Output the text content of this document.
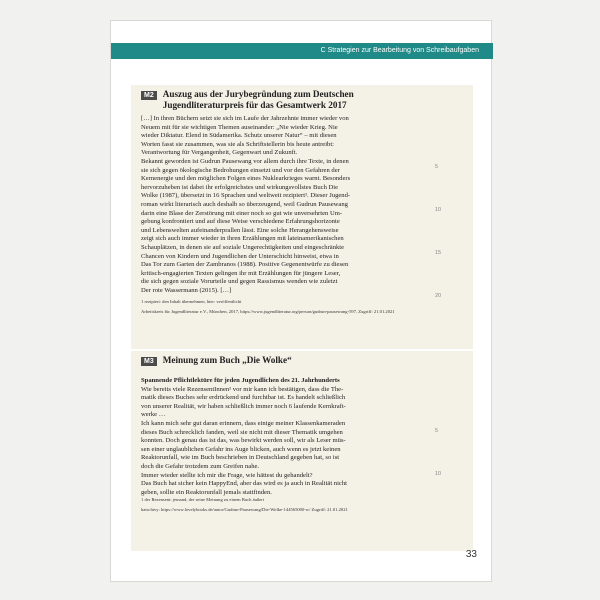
C Strategien zur Bearbeitung von Schreibaufgaben
M2 Auszug aus der Jurybegründung zum Deutschen Jugendliteraturpreis für das Gesamtwerk 2017
[…] In ihren Büchern setzt sie sich im Laufe der Jahrzehnte immer wieder von
Neuem mit für sie wichtigen Themen auseinander: „Nie wieder Krieg. Nie
wieder Diktatur. Elend in Südamerika. Schutz unserer Natur“ – mit diesen
Worten fasst sie zusammen, was sie als Schriftstellerin bis heute antreibt:
Verantwortung für Vergangenheit, Gegenwart und Zukunft.
Bekannt geworden ist Gudrun Pausewang vor allem durch ihre Texte, in denen
sie sich gegen ökologische Bedrohungen einsetzt und vor den Gefahren der
Kernenergie und den möglichen Folgen eines Nuklearkrieges warnt. Besonders
hervorzuheben ist dabei ihr erfolgreichstes und wirkungsvollstes Buch Die
Wolke (1987), übersetzt in 16 Sprachen und weltweit rezipiert¹. Dieser Jugend-
roman wirkt literarisch auch deshalb so überzeugend, weil Gudrun Pausewang
darin eine Blase der Zerstörung mit einer noch so gut wie unversehrten Um-
gebung konfrontiert und auf diese Weise verschiedene Erfahrungshorizonte
und Lebenswelten aufeinanderprallen lässt. Eine solche Herangehensweise
zeigt sich auch immer wieder in ihren Erzählungen mit lateinamerikanischen
Schauplätzen, in denen sie auf soziale Ungerechtigkeiten und eingeschränkte
Chancen von Kindern und Jugendlichen der Unterschicht hinweist, etwa in
Das Tor zum Garten der Zambranos (1988). Positive Gegenentwürfe zu diesen
kritisch-engagierten Texten gelingen ihr mit Erzählungen für jüngere Leser,
die sich gegen soziale Vorurteile und gegen Rassismus wenden wie zuletzt
Der rote Wassermann (2015). […]
5
10
15
20
1 rezipiert: den Inhalt übernehmen, hier: veröffentlicht
Arbeitskreis für Jugendliteratur e.V., München, 2017, https://www.jugendliteratur.org/person/gudrun-pausewang-597, Zugriff: 21.01.2021
M3 Meinung zum Buch „Die Wolke“
Spannende Pflichtlektüre für jeden Jugendlichen des 21. Jahrhunderts
Wie bereits viele RezensentInnen¹ vor mir kann ich bestätigen, dass die The-
matik dieses Buches sehr erdrückend und furchtbar ist. Es handelt schließlich
von unserer Realität, wir haben schließlich immer noch 6 laufende Kernkraft-
werke …
Ich kann mich sehr gut daran erinnern, dass einige meiner Klassenkameraden
dieses Buch schrecklich fanden, weil sie nicht mit dieser Thematik umgehen
konnten. Doch genau das ist das, was bewirkt werden soll, wir als Leser müs-
sen einer unglaublichen Gefahr ins Auge blicken, auch wenn es jetzt keinen
Reaktorunfall, wie im Buch beschrieben in Deutschland gegeben hat, so ist
doch die Gefahr trotzdem zum Greifen nahe.
Immer wieder stellte ich mir die Frage, wie hättest du gehandelt?
Das Buch hat sicher kein HappyEnd, aber das wird es ja auch in Realität nicht
geben, sollte ein Reaktorunfall jemals stattfinden.
5
10
1 der Rezensent: jemand, der seine Meinung zu einem Buch äußert
hatschivy: https://www.lovelybooks.de/autor/Gudrun-Pausewang/Die-Wolke-144565000-w/ Zugriff: 21.01.2021
33
